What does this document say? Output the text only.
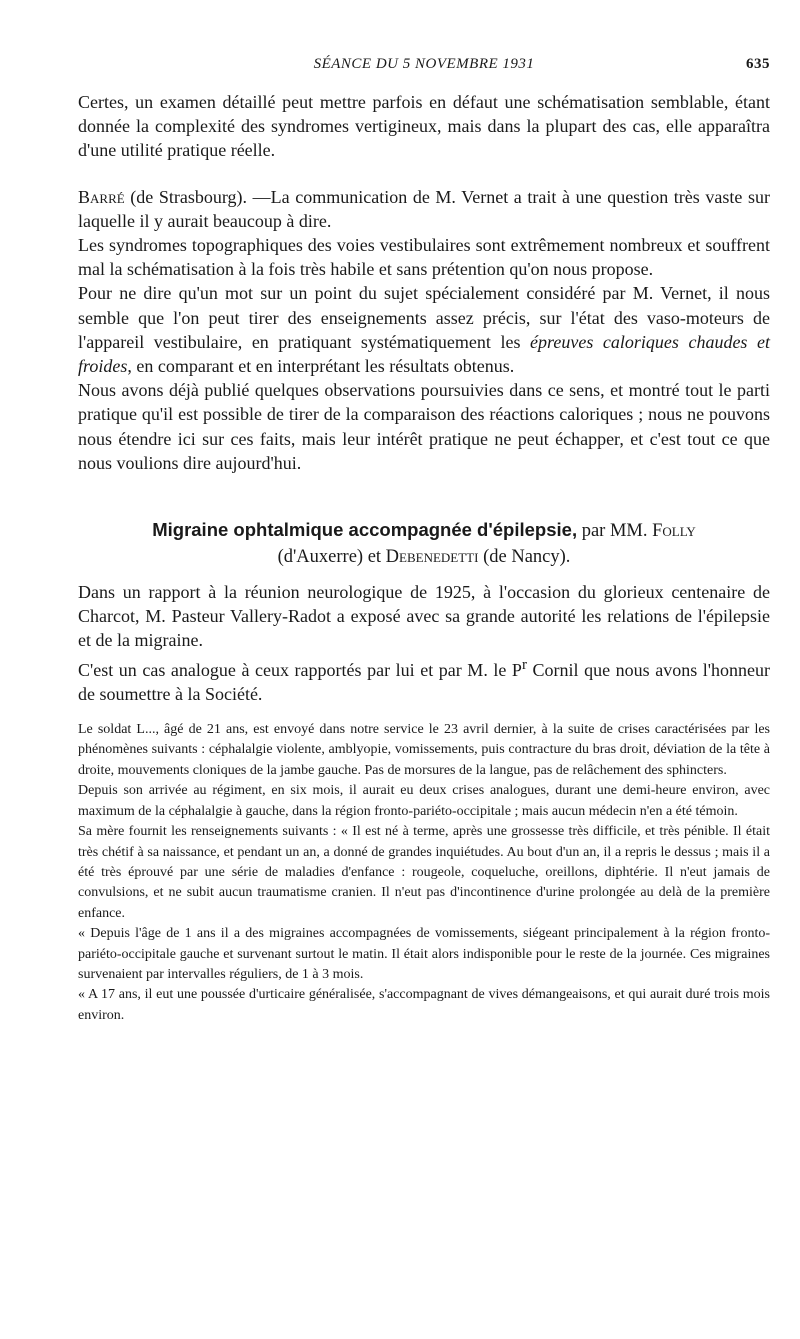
SÉANCE DU 5 NOVEMBRE 1931	635

Certes, un examen détaillé peut mettre parfois en défaut une schématisation semblable, étant donnée la complexité des syndromes vertigineux, mais dans la plupart des cas, elle apparaîtra d'une utilité pratique réelle.

Barré (de Strasbourg). —La communication de M. Vernet a trait à une question très vaste sur laquelle il y aurait beaucoup à dire.

Les syndromes topographiques des voies vestibulaires sont extrêmement nombreux et souffrent mal la schématisation à la fois très habile et sans prétention qu'on nous propose.

Pour ne dire qu'un mot sur un point du sujet spécialement considéré par M. Vernet, il nous semble que l'on peut tirer des enseignements assez précis, sur l'état des vaso-moteurs de l'appareil vestibulaire, en pratiquant systématiquement les épreuves caloriques chaudes et froides, en comparant et en interprétant les résultats obtenus.

Nous avons déjà publié quelques observations poursuivies dans ce sens, et montré tout le parti pratique qu'il est possible de tirer de la comparaison des réactions caloriques ; nous ne pouvons nous étendre ici sur ces faits, mais leur intérêt pratique ne peut échapper, et c'est tout ce que nous voulions dire aujourd'hui.

Migraine ophtalmique accompagnée d'épilepsie, par MM. Folly
(d'Auxerre) et Debenedetti (de Nancy).

Dans un rapport à la réunion neurologique de 1925, à l'occasion du glorieux centenaire de Charcot, M. Pasteur Vallery-Radot a exposé avec sa grande autorité les relations de l'épilepsie et de la migraine.

C'est un cas analogue à ceux rapportés par lui et par M. le $P^r$ Cornil que nous avons l'honneur de soumettre à la Société.

Le soldat L..., âgé de 21 ans, est envoyé dans notre service le 23 avril dernier, à la suite de crises caractérisées par les phénomènes suivants : céphalalgie violente, amblyopie, vomissements, puis contracture du bras droit, déviation de la tête à droite, mouvements cloniques de la jambe gauche. Pas de morsures de la langue, pas de relâchement des sphincters.

Depuis son arrivée au régiment, en six mois, il aurait eu deux crises analogues, durant une demi-heure environ, avec maximum de la céphalalgie à gauche, dans la région fronto-pariéto-occipitale ; mais aucun médecin n'en a été témoin.

Sa mère fournit les renseignements suivants : « Il est né à terme, après une grossesse très difficile, et très pénible. Il était très chétif à sa naissance, et pendant un an, a donné de grandes inquiétudes. Au bout d'un an, il a repris le dessus ; mais il a été très éprouvé par une série de maladies d'enfance : rougeole, coqueluche, oreillons, diphtérie. Il n'eut jamais de convulsions, et ne subit aucun traumatisme cranien. Il n'eut pas d'incontinence d'urine prolongée au delà de la première enfance.

« Depuis l'âge de 1 ans il a des migraines accompagnées de vomissements, siégeant principalement à la région fronto-pariéto-occipitale gauche et survenant surtout le matin. Il était alors indisponible pour le reste de la journée. Ces migraines survenaient par intervalles réguliers, de 1 à 3 mois.

« A 17 ans, il eut une poussée d'urticaire généralisée, s'accompagnant de vives démangeaisons, et qui aurait duré trois mois environ.
